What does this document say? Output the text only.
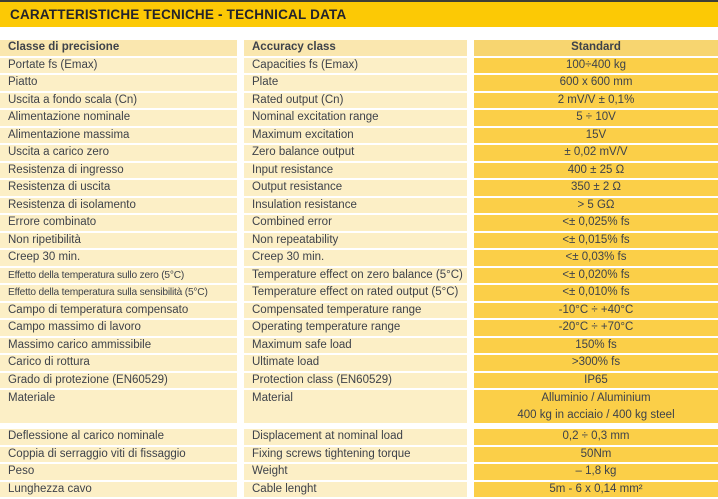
CARATTERISTICHE TECNICHE - TECHNICAL DATA
Classe di precisione	Accuracy class	Standard
Portate fs (Emax)	Capacities fs (Emax)	100÷400 kg
Piatto	Plate	600 x 600 mm
Uscita a fondo scala (Cn)	Rated output (Cn)	2 mV/V ± 0,1%
Alimentazione nominale	Nominal excitation range	5 ÷ 10V
Alimentazione massima	Maximum excitation	15V
Uscita a carico zero	Zero balance output	± 0,02 mV/V
Resistenza di ingresso	Input resistance	400 ± 25 Ω
Resistenza di uscita	Output resistance	350 ± 2 Ω
Resistenza di isolamento	Insulation resistance	> 5 GΩ
Errore combinato	Combined error	<± 0,025% fs
Non ripetibilità	Non repeatability	<± 0,015% fs
Creep 30 min.	Creep 30 min.	<± 0,03% fs
Effetto della temperatura sullo zero (5°C)	Temperature effect on zero balance (5°C)	<± 0,020% fs
Effetto della temperatura sulla sensibilità (5°C)	Temperature effect on rated output (5°C)	<± 0,010% fs
Campo di temperatura compensato	Compensated temperature range	-10°C ÷ +40°C
Campo massimo di lavoro	Operating temperature range	-20°C ÷ +70°C
Massimo carico ammissibile	Maximum safe load	150% fs
Carico di rottura	Ultimate load	>300% fs
Grado di protezione (EN60529)	Protection class (EN60529)	IP65
Materiale	Material	Alluminio / Aluminium
400 kg in acciaio / 400 kg steel
Deflessione al carico nominale	Displacement at nominal load	0,2 ÷ 0,3 mm
Coppia di serraggio viti di fissaggio	Fixing screws tightening torque	50Nm
Peso	Weight	– 1,8 kg
Lunghezza cavo	Cable lenght	5m - 6 x 0,14 mm²
